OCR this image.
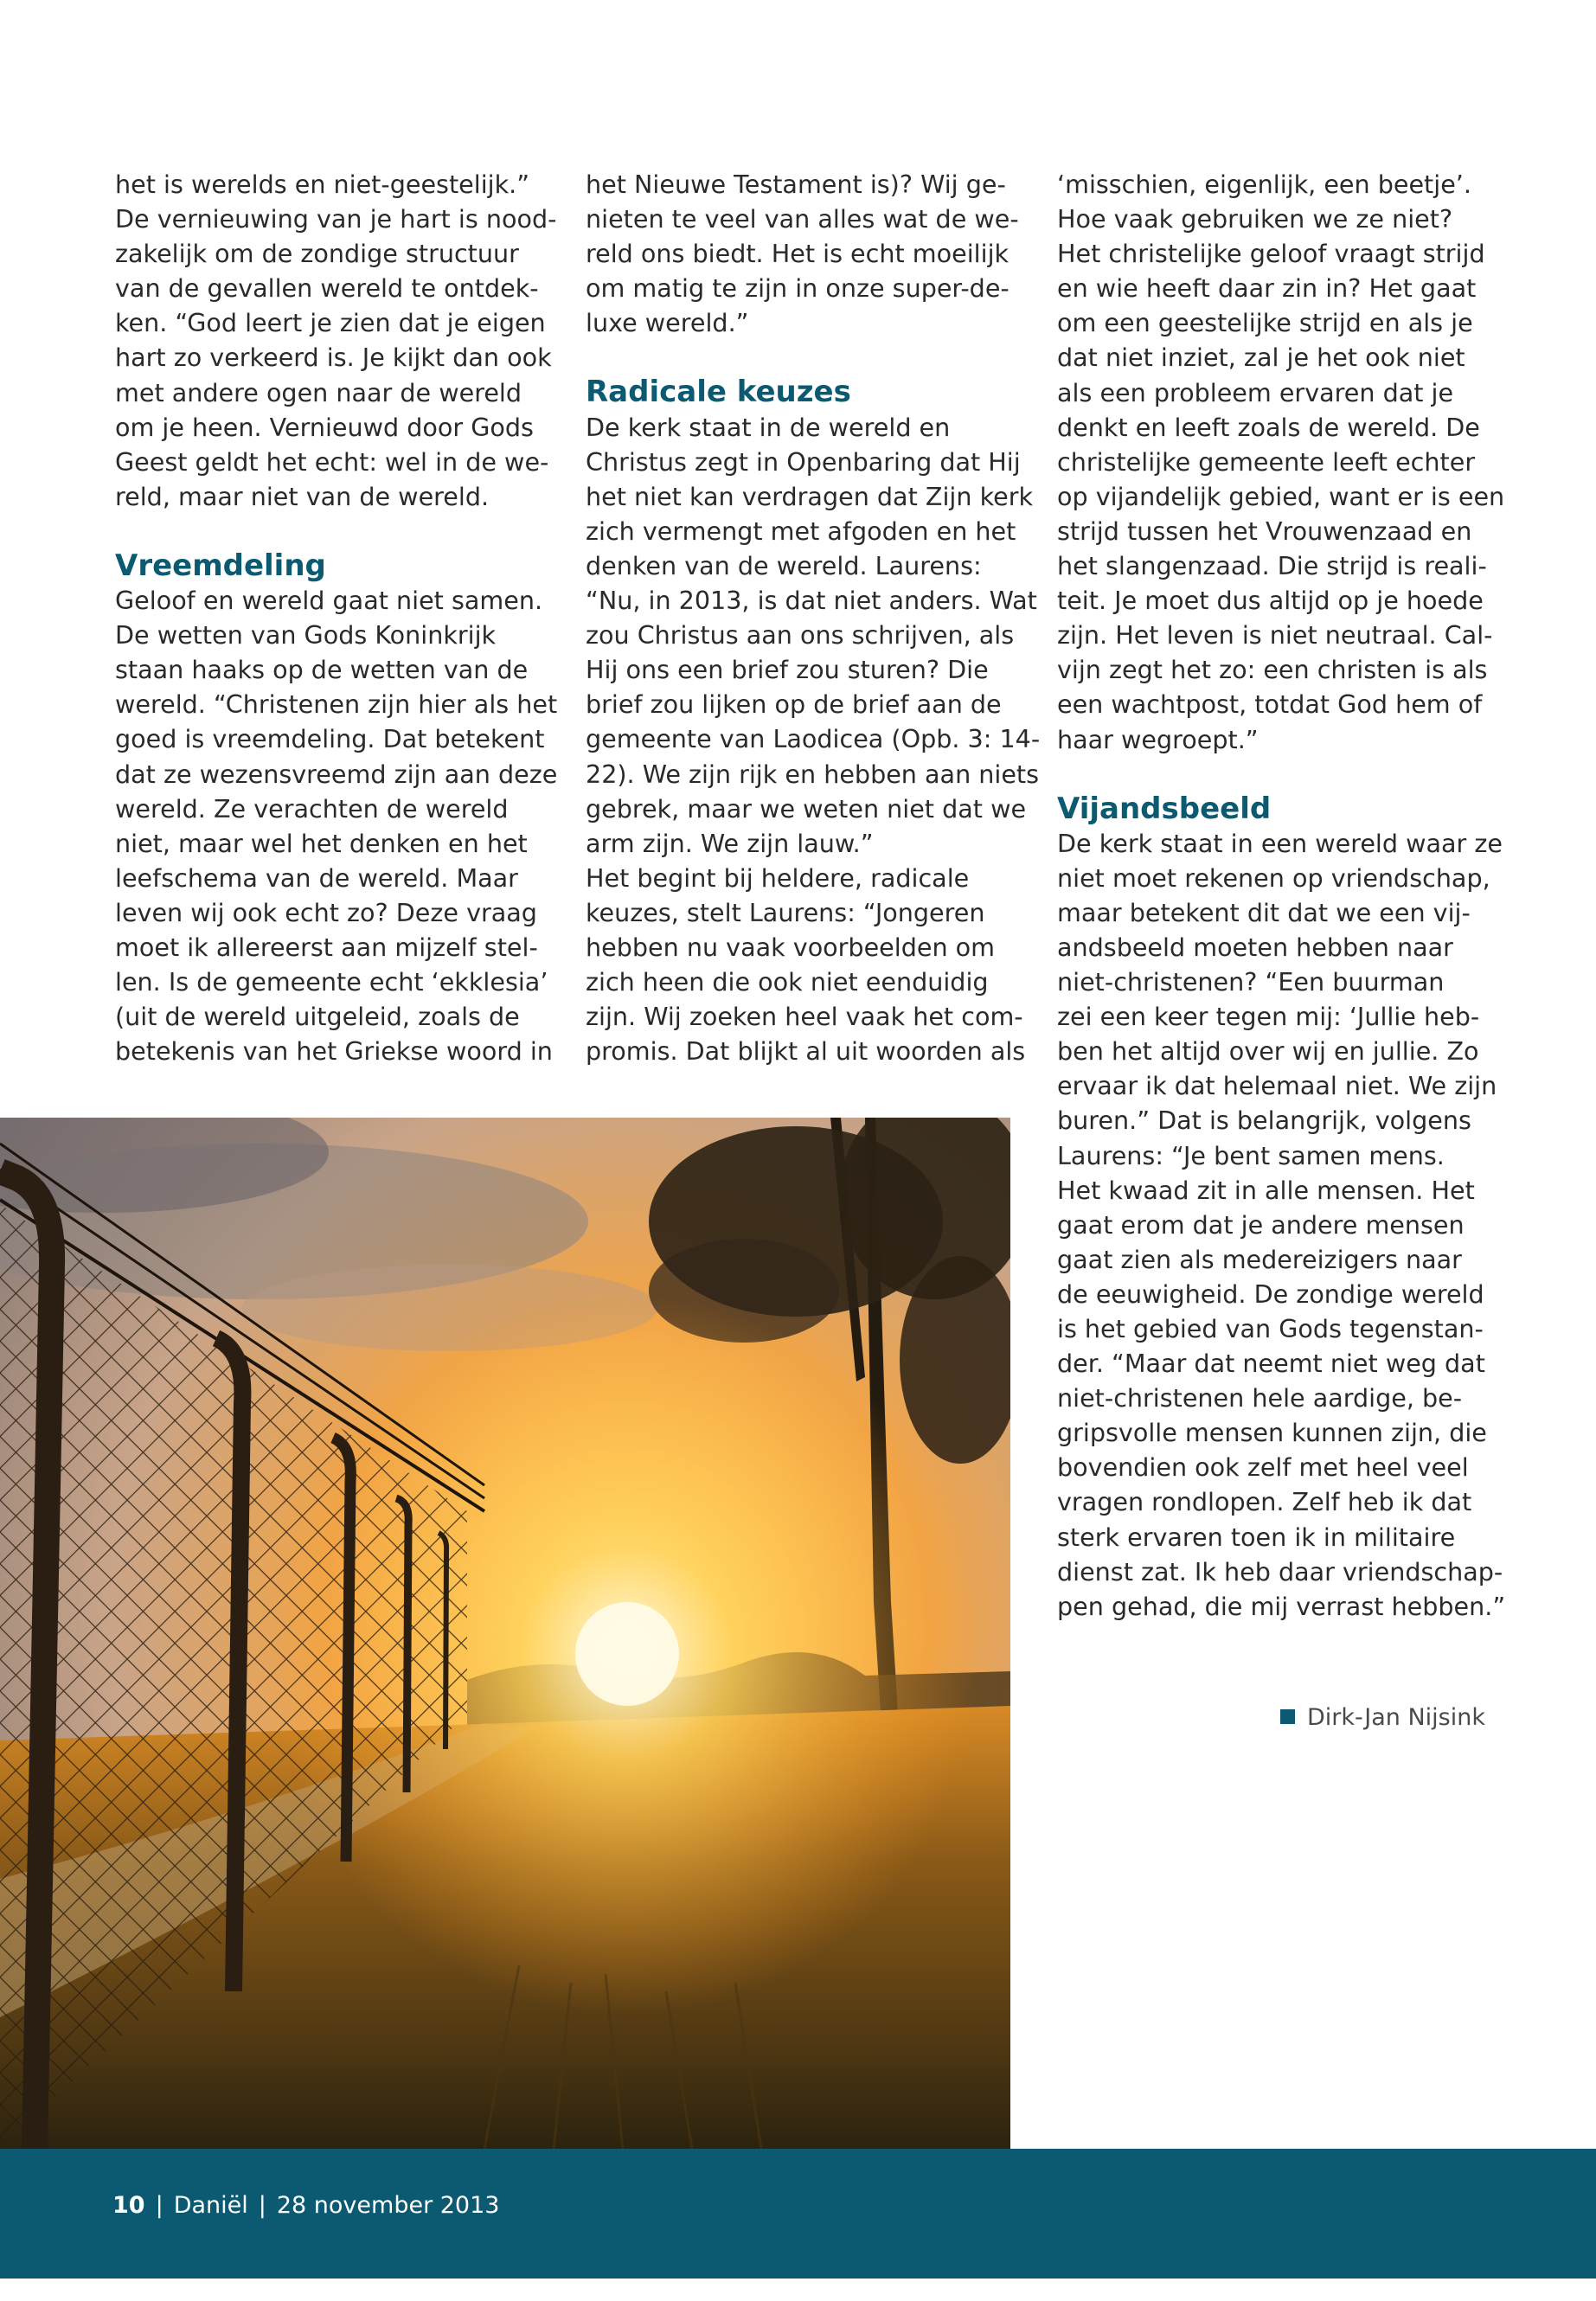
het is werelds en niet-geestelijk.”
De vernieuwing van je hart is nood-
zakelijk om de zondige structuur
van de gevallen wereld te ontdek-
ken. “God leert je zien dat je eigen
hart zo verkeerd is. Je kijkt dan ook
met andere ogen naar de wereld
om je heen. Vernieuwd door Gods
Geest geldt het echt: wel in de we-
reld, maar niet van de wereld.
Vreemdeling
Geloof en wereld gaat niet samen.
De wetten van Gods Koninkrijk
staan haaks op de wetten van de
wereld. “Christenen zijn hier als het
goed is vreemdeling. Dat betekent
dat ze wezensvreemd zijn aan deze
wereld. Ze verachten de wereld
niet, maar wel het denken en het
leefschema van de wereld. Maar
leven wij ook echt zo? Deze vraag
moet ik allereerst aan mijzelf stel-
len. Is de gemeente echt ‘ekklesia’
(uit de wereld uitgeleid, zoals de
betekenis van het Griekse woord in
het Nieuwe Testament is)? Wij ge-
nieten te veel van alles wat de we-
reld ons biedt. Het is echt moeilijk
om matig te zijn in onze super-de-
luxe wereld.”
Radicale keuzes
De kerk staat in de wereld en
Christus zegt in Openbaring dat Hij
het niet kan verdragen dat Zijn kerk
zich vermengt met afgoden en het
denken van de wereld. Laurens:
“Nu, in 2013, is dat niet anders. Wat
zou Christus aan ons schrijven, als
Hij ons een brief zou sturen? Die
brief zou lijken op de brief aan de
gemeente van Laodicea (Opb. 3: 14-
22). We zijn rijk en hebben aan niets
gebrek, maar we weten niet dat we
arm zijn. We zijn lauw.”
Het begint bij heldere, radicale
keuzes, stelt Laurens: “Jongeren
hebben nu vaak voorbeelden om
zich heen die ook niet eenduidig
zijn. Wij zoeken heel vaak het com-
promis. Dat blijkt al uit woorden als
‘misschien, eigenlijk, een beetje’.
Hoe vaak gebruiken we ze niet?
Het christelijke geloof vraagt strijd
en wie heeft daar zin in? Het gaat
om een geestelijke strijd en als je
dat niet inziet, zal je het ook niet
als een probleem ervaren dat je
denkt en leeft zoals de wereld. De
christelijke gemeente leeft echter
op vijandelijk gebied, want er is een
strijd tussen het Vrouwenzaad en
het slangenzaad. Die strijd is reali-
teit. Je moet dus altijd op je hoede
zijn. Het leven is niet neutraal. Cal-
vijn zegt het zo: een christen is als
een wachtpost, totdat God hem of
haar wegroept.”
Vijandsbeeld
De kerk staat in een wereld waar ze
niet moet rekenen op vriendschap,
maar betekent dit dat we een vij-
andsbeeld moeten hebben naar
niet-christenen? “Een buurman
zei een keer tegen mij: ‘Jullie heb-
ben het altijd over wij en jullie. Zo
ervaar ik dat helemaal niet. We zijn
buren.” Dat is belangrijk, volgens
Laurens: “Je bent samen mens.
Het kwaad zit in alle mensen. Het
gaat erom dat je andere mensen
gaat zien als medereizigers naar
de eeuwigheid. De zondige wereld
is het gebied van Gods tegenstan-
der. “Maar dat neemt niet weg dat
niet-christenen hele aardige, be-
gripsvolle mensen kunnen zijn, die
bovendien ook zelf met heel veel
vragen rondlopen. Zelf heb ik dat
sterk ervaren toen ik in militaire
dienst zat. Ik heb daar vriendschap-
pen gehad, die mij verrast hebben.”
Dirk-Jan Nijsink
10 | Daniël | 28 november 2013
